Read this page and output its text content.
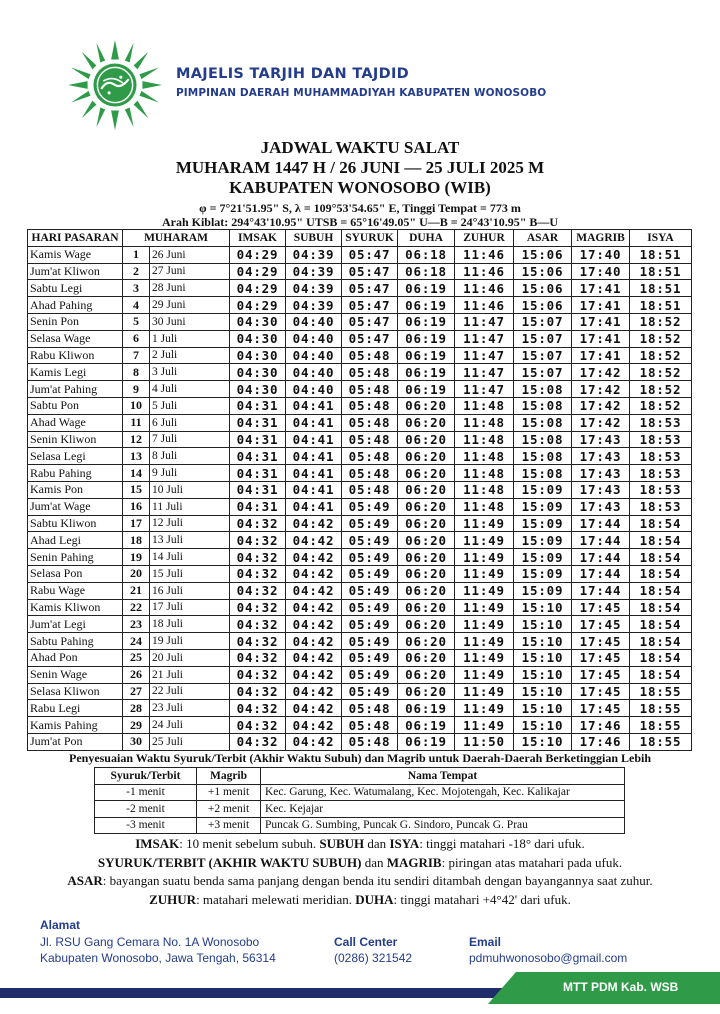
MAJELIS TARJIH DAN TAJDID
PIMPINAN DAERAH MUHAMMADIYAH KABUPATEN WONOSOBO
JADWAL WAKTU SALAT
MUHARAM 1447 H / 26 JUNI — 25 JULI 2025 M
KABUPATEN WONOSOBO (WIB)
φ = 7°21'51.95" S, λ = 109°53'54.65" E, Tinggi Tempat = 773 m
Arah Kiblat: 294°43'10.95" UTSB = 65°16'49.05" U—B = 24°43'10.95" B—U
HARI PASARAN	MUHARAM		IMSAK	SUBUH	SYURUK	DUHA	ZUHUR	ASAR	MAGRIB	ISYA
Kamis Wage	1	26 Juni	04:29	04:39	05:47	06:18	11:46	15:06	17:40	18:51
Jum'at Kliwon	2	27 Juni	04:29	04:39	05:47	06:18	11:46	15:06	17:40	18:51
Sabtu Legi	3	28 Juni	04:29	04:39	05:47	06:19	11:46	15:06	17:41	18:51
Ahad Pahing	4	29 Juni	04:29	04:39	05:47	06:19	11:46	15:06	17:41	18:51
Senin Pon	5	30 Juni	04:30	04:40	05:47	06:19	11:47	15:07	17:41	18:52
Selasa Wage	6	1 Juli	04:30	04:40	05:47	06:19	11:47	15:07	17:41	18:52
Rabu Kliwon	7	2 Juli	04:30	04:40	05:48	06:19	11:47	15:07	17:41	18:52
Kamis Legi	8	3 Juli	04:30	04:40	05:48	06:19	11:47	15:07	17:42	18:52
Jum'at Pahing	9	4 Juli	04:30	04:40	05:48	06:19	11:47	15:08	17:42	18:52
Sabtu Pon	10	5 Juli	04:31	04:41	05:48	06:20	11:48	15:08	17:42	18:52
Ahad Wage	11	6 Juli	04:31	04:41	05:48	06:20	11:48	15:08	17:42	18:53
Senin Kliwon	12	7 Juli	04:31	04:41	05:48	06:20	11:48	15:08	17:43	18:53
Selasa Legi	13	8 Juli	04:31	04:41	05:48	06:20	11:48	15:08	17:43	18:53
Rabu Pahing	14	9 Juli	04:31	04:41	05:48	06:20	11:48	15:08	17:43	18:53
Kamis Pon	15	10 Juli	04:31	04:41	05:48	06:20	11:48	15:09	17:43	18:53
Jum'at Wage	16	11 Juli	04:31	04:41	05:49	06:20	11:48	15:09	17:43	18:53
Sabtu Kliwon	17	12 Juli	04:32	04:42	05:49	06:20	11:49	15:09	17:44	18:54
Ahad Legi	18	13 Juli	04:32	04:42	05:49	06:20	11:49	15:09	17:44	18:54
Senin Pahing	19	14 Juli	04:32	04:42	05:49	06:20	11:49	15:09	17:44	18:54
Selasa Pon	20	15 Juli	04:32	04:42	05:49	06:20	11:49	15:09	17:44	18:54
Rabu Wage	21	16 Juli	04:32	04:42	05:49	06:20	11:49	15:09	17:44	18:54
Kamis Kliwon	22	17 Juli	04:32	04:42	05:49	06:20	11:49	15:10	17:45	18:54
Jum'at Legi	23	18 Juli	04:32	04:42	05:49	06:20	11:49	15:10	17:45	18:54
Sabtu Pahing	24	19 Juli	04:32	04:42	05:49	06:20	11:49	15:10	17:45	18:54
Ahad Pon	25	20 Juli	04:32	04:42	05:49	06:20	11:49	15:10	17:45	18:54
Senin Wage	26	21 Juli	04:32	04:42	05:49	06:20	11:49	15:10	17:45	18:54
Selasa Kliwon	27	22 Juli	04:32	04:42	05:49	06:20	11:49	15:10	17:45	18:55
Rabu Legi	28	23 Juli	04:32	04:42	05:48	06:19	11:49	15:10	17:45	18:55
Kamis Pahing	29	24 Juli	04:32	04:42	05:48	06:19	11:49	15:10	17:46	18:55
Jum'at Pon	30	25 Juli	04:32	04:42	05:48	06:19	11:50	15:10	17:46	18:55
Penyesuaian Waktu Syuruk/Terbit (Akhir Waktu Subuh) dan Magrib untuk Daerah-Daerah Berketinggian Lebih
Syuruk/Terbit	Magrib	Nama Tempat
-1 menit	+1 menit	Kec. Garung, Kec. Watumalang, Kec. Mojotengah, Kec. Kalikajar
-2 menit	+2 menit	Kec. Kejajar
-3 menit	+3 menit	Puncak G. Sumbing, Puncak G. Sindoro, Puncak G. Prau
IMSAK: 10 menit sebelum subuh. SUBUH dan ISYA: tinggi matahari -18° dari ufuk.
SYURUK/TERBIT (AKHIR WAKTU SUBUH) dan MAGRIB: piringan atas matahari pada ufuk.
ASAR: bayangan suatu benda sama panjang dengan benda itu sendiri ditambah dengan bayangannya saat zuhur.
ZUHUR: matahari melewati meridian. DUHA: tinggi matahari +4°42' dari ufuk.
Alamat
Jl. RSU Gang Cemara No. 1A Wonosobo
Kabupaten Wonosobo, Jawa Tengah, 56314
Call Center
(0286) 321542
Email
pdmuhwonosobo@gmail.com
MTT PDM Kab. WSB
